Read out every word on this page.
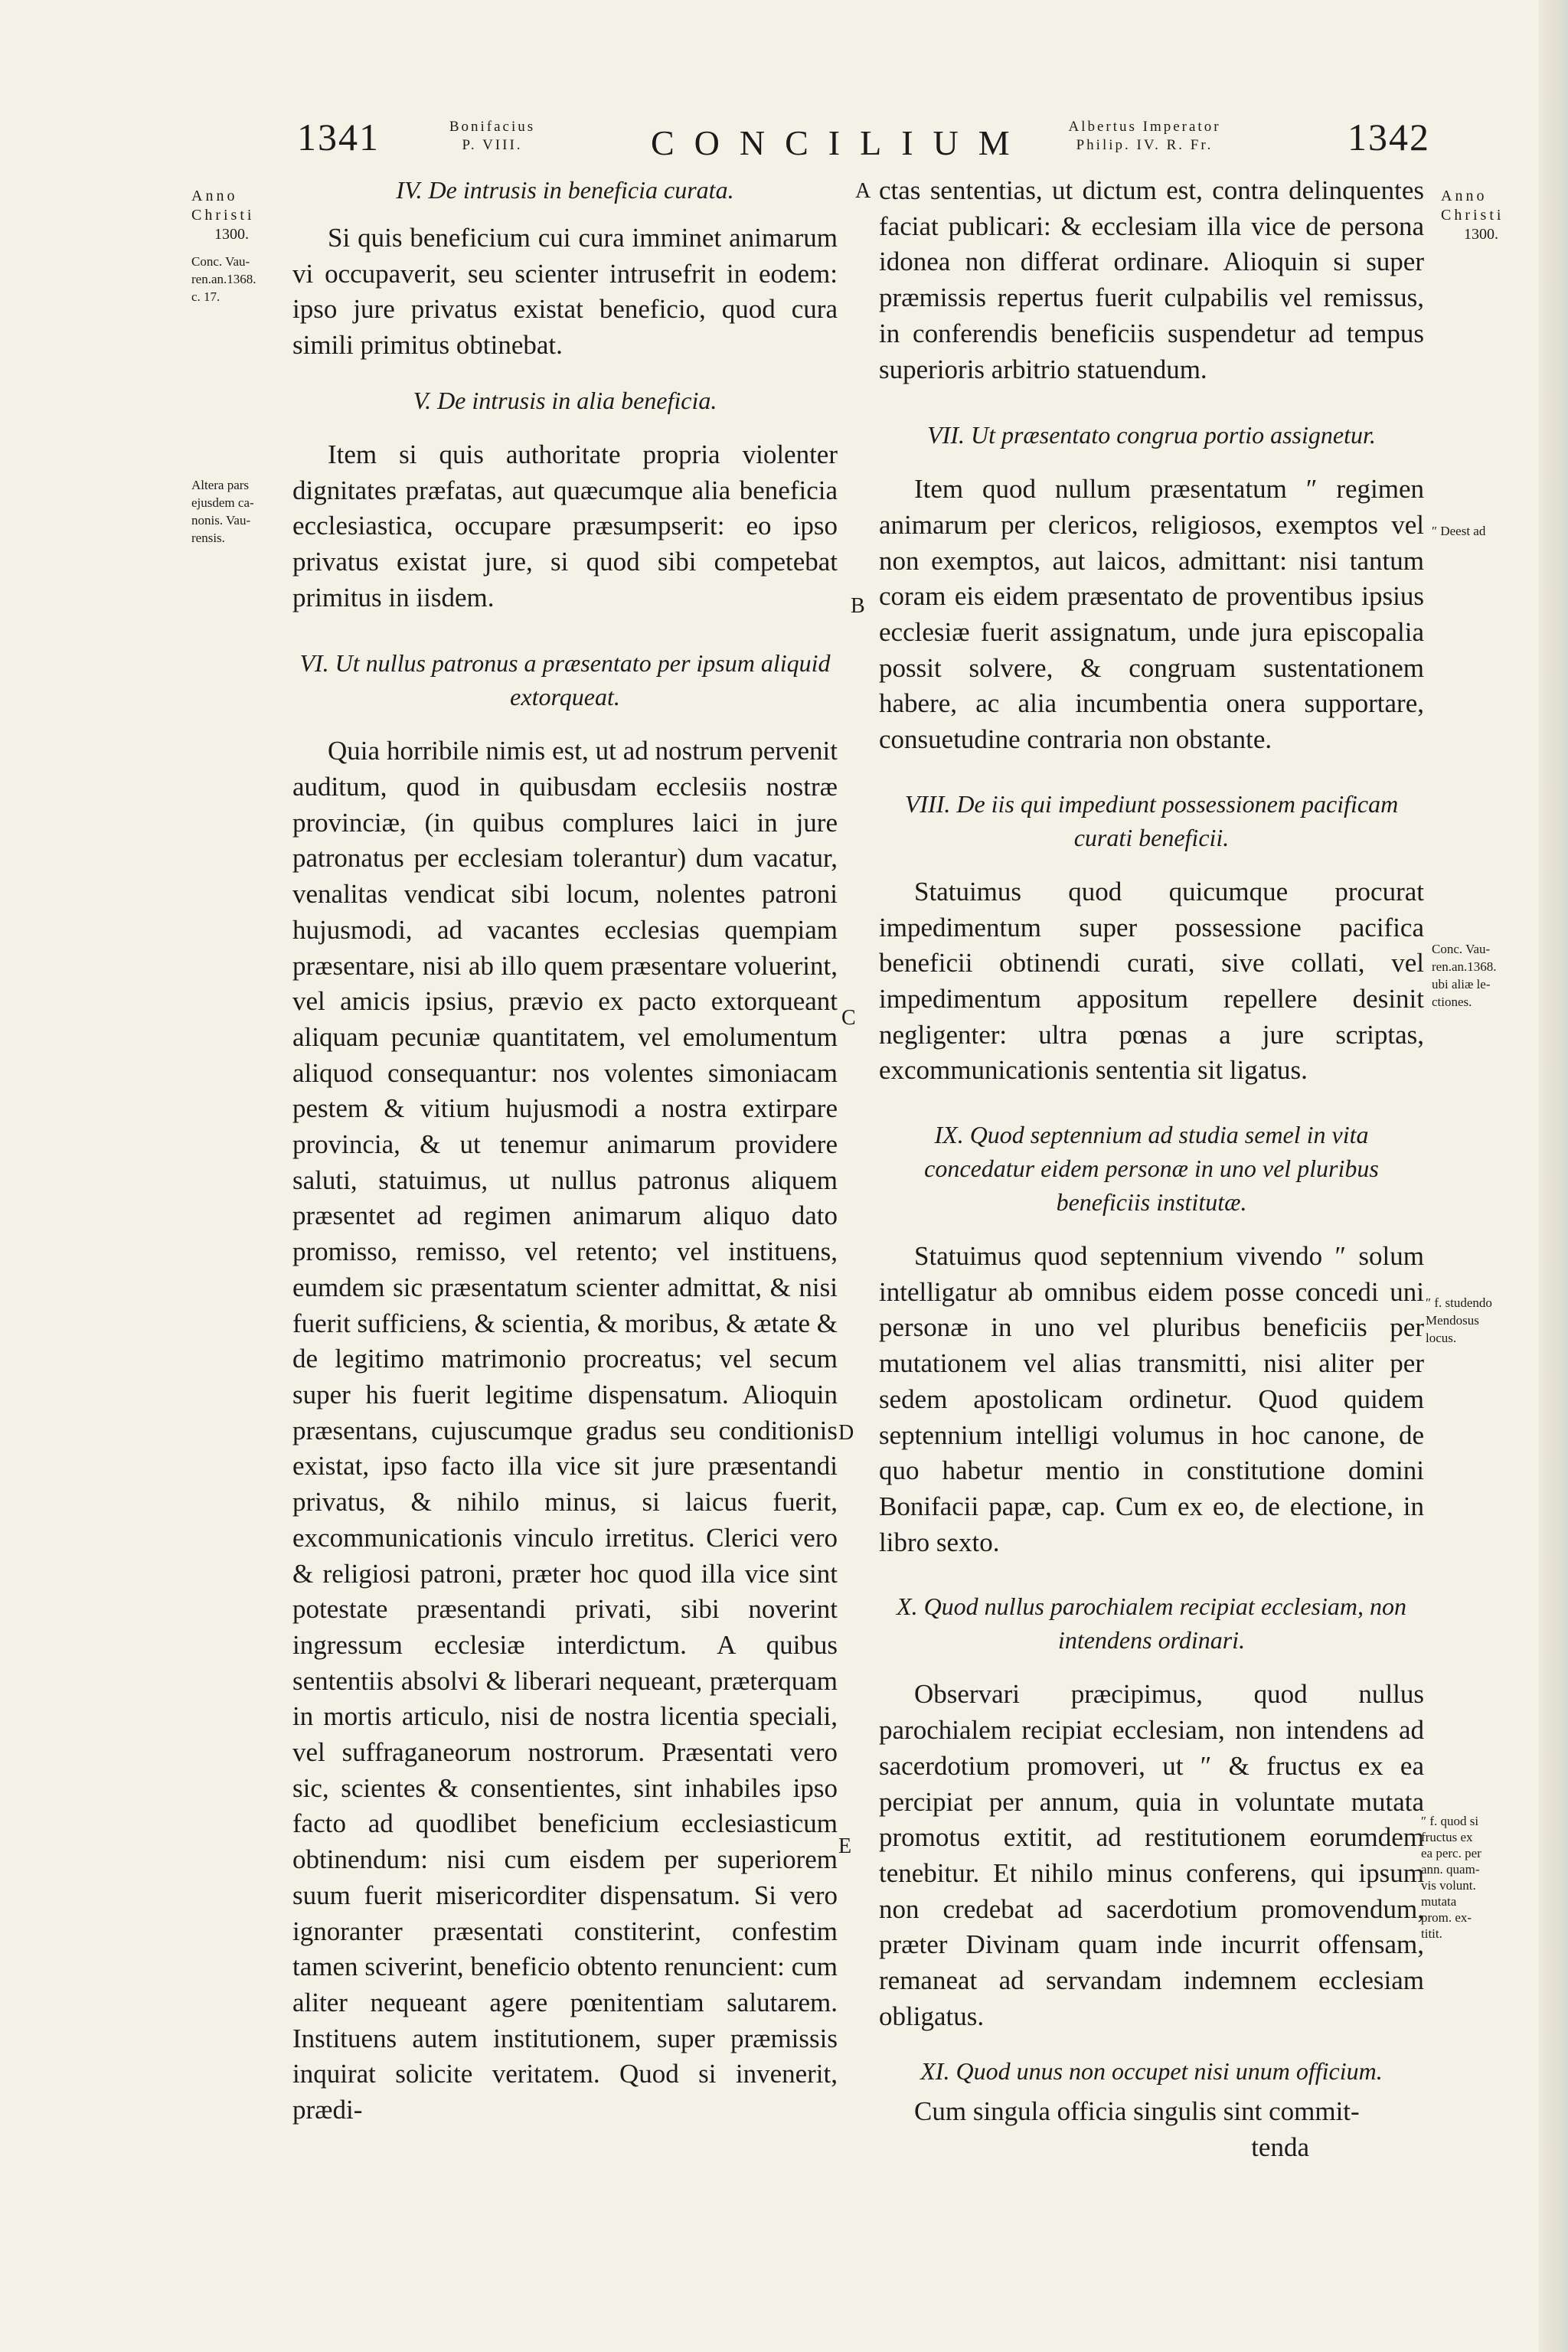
1341	Bonifacius
P. VIII.	CONCILIUM	Albertus Imperator
Philip. IV. R. Fr.	1342
Anno
Christi
1300.
Conc. Vau-
ren.an.1368.
c. 17.
Altera pars
ejusdem ca-
nonis. Vau-
rensis.
Anno
Christi
1300.
″ Deest ad
Conc. Vau-
ren.an.1368.
ubi aliæ le-
ctiones.
″ f. studendo
Mendosus
locus.
″ f. quod si
fructus ex
ea perc. per
ann. quam-
vis volunt.
mutata
prom. ex-
titit.
A
B
C
D
E
IV. De intrusis in beneficia curata.

Si quis beneficium cui cura imminet animarum vi occupaverit, seu scienter intrusefrit in eodem: ipso jure privatus existat beneficio, quod cura simili primitus obtinebat.

V. De intrusis in alia beneficia.

Item si quis authoritate propria violenter dignitates præfatas, aut quæcumque alia beneficia ecclesiastica, occupare præsumpserit: eo ipso privatus existat jure, si quod sibi competebat primitus in iisdem.

VI. Ut nullus patronus a præsentato per ipsum aliquid extorqueat.

Quia horribile nimis est, ut ad nostrum pervenit auditum, quod in quibusdam ecclesiis nostræ provinciæ, (in quibus complures laici in jure patronatus per ecclesiam tolerantur) dum vacatur, venalitas vendicat sibi locum, nolentes patroni hujusmodi, ad vacantes ecclesias quempiam præsentare, nisi ab illo quem præsentare voluerint, vel amicis ipsius, prævio ex pacto extorqueant aliquam pecuniæ quantitatem, vel emolumentum aliquod consequantur: nos volentes simoniacam pestem & vitium hujusmodi a nostra extirpare provincia, & ut tenemur animarum providere saluti, statuimus, ut nullus patronus aliquem præsentet ad regimen animarum aliquo dato promisso, remisso, vel retento; vel instituens, eumdem sic præsentatum scienter admittat, & nisi fuerit sufficiens, & scientia, & moribus, & ætate & de legitimo matrimonio procreatus; vel secum super his fuerit legitime dispensatum. Alioquin præsentans, cujuscumque gradus seu conditionis existat, ipso facto illa vice sit jure præsentandi privatus, & nihilo minus, si laicus fuerit, excommunicationis vinculo irretitus. Clerici vero & religiosi patroni, præter hoc quod illa vice sint potestate præsentandi privati, sibi noverint ingressum ecclesiæ interdictum. A quibus sententiis absolvi & liberari nequeant, præterquam in mortis articulo, nisi de nostra licentia speciali, vel suffraganeorum nostrorum. Præsentati vero sic, scientes & consentientes, sint inhabiles ipso facto ad quodlibet beneficium ecclesiasticum obtinendum: nisi cum eisdem per superiorem suum fuerit misericorditer dispensatum. Si vero ignoranter præsentati constiterint, confestim tamen sciverint, beneficio obtento renuncient: cum aliter nequeant agere pœnitentiam salutarem. Instituens autem institutionem, super præmissis inquirat solicite veritatem. Quod si invenerit, prædi-

ctas sententias, ut dictum est, contra delinquentes faciat publicari: & ecclesiam illa vice de persona idonea non differat ordinare. Alioquin si super præmissis repertus fuerit culpabilis vel remissus, in conferendis beneficiis suspendetur ad tempus superioris arbitrio statuendum.

VII. Ut præsentato congrua portio assignetur.

Item quod nullum præsentatum ″ regimen animarum per clericos, religiosos, exemptos vel non exemptos, aut laicos, admittant: nisi tantum coram eis eidem præsentato de proventibus ipsius ecclesiæ fuerit assignatum, unde jura episcopalia possit solvere, & congruam sustentationem habere, ac alia incumbentia onera supportare, consuetudine contraria non obstante.

VIII. De iis qui impediunt possessionem pacificam curati beneficii.

Statuimus quod quicumque procurat impedimentum super possessione pacifica beneficii obtinendi curati, sive collati, vel impedimentum appositum repellere desinit negligenter: ultra pœnas a jure scriptas, excommunicationis sententia sit ligatus.

IX. Quod septennium ad studia semel in vita concedatur eidem personæ in uno vel pluribus beneficiis institutæ.

Statuimus quod septennium vivendo ″ solum intelligatur ab omnibus eidem posse concedi uni personæ in uno vel pluribus beneficiis per mutationem vel alias transmitti, nisi aliter per sedem apostolicam ordinetur. Quod quidem septennium intelligi volumus in hoc canone, de quo habetur mentio in constitutione domini Bonifacii papæ, cap. Cum ex eo, de electione, in libro sexto.

X. Quod nullus parochialem recipiat ecclesiam, non intendens ordinari.

Observari præcipimus, quod nullus parochialem recipiat ecclesiam, non intendens ad sacerdotium promoveri, ut ″ & fructus ex ea percipiat per annum, quia in voluntate mutata promotus extitit, ad restitutionem eorumdem tenebitur. Et nihilo minus conferens, qui ipsum non credebat ad sacerdotium promovendum, præter Divinam quam inde incurrit offensam, remaneat ad servandam indemnem ecclesiam obligatus.

XI. Quod unus non occupet nisi unum officium.

Cum singula officia singulis sint commit-

tenda
